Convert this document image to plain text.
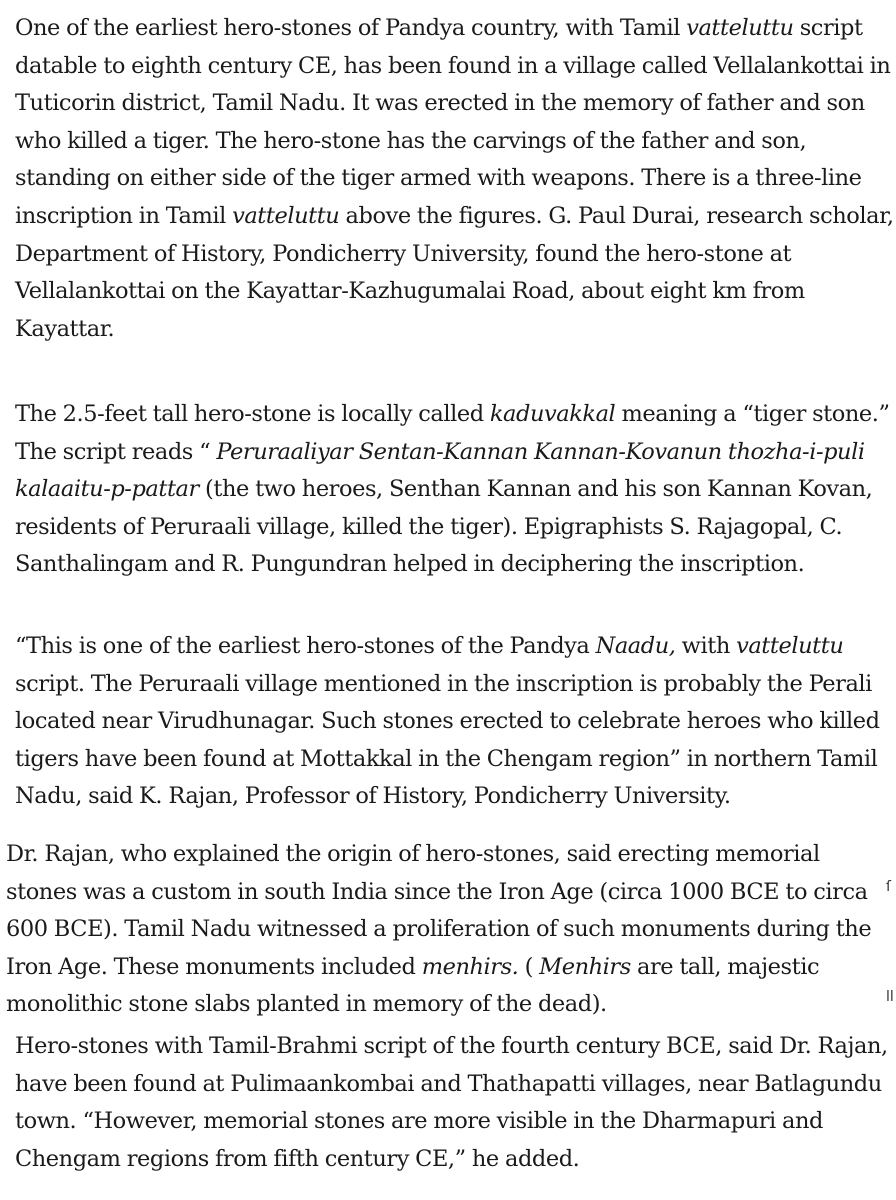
One of the earliest hero-stones of Pandya country, with Tamil vatteluttu script
datable to eighth century CE, has been found in a village called Vellalankottai in
Tuticorin district, Tamil Nadu. It was erected in the memory of father and son
who killed a tiger. The hero-stone has the carvings of the father and son,
standing on either side of the tiger armed with weapons. There is a three-line
inscription in Tamil vatteluttu above the figures. G. Paul Durai, research scholar,
Department of History, Pondicherry University, found the hero-stone at
Vellalankottai on the Kayattar-Kazhugumalai Road, about eight km from
Kayattar.

The 2.5-feet tall hero-stone is locally called kaduvakkal meaning a “tiger stone.”
The script reads “ Peruraaliyar Sentan-Kannan Kannan-Kovanun thozha-i-puli
kalaaitu-p-pattar (the two heroes, Senthan Kannan and his son Kannan Kovan,
residents of Peruraali village, killed the tiger). Epigraphists S. Rajagopal, C.
Santhalingam and R. Pungundran helped in deciphering the inscription.

“This is one of the earliest hero-stones of the Pandya Naadu, with vatteluttu
script. The Peruraali village mentioned in the inscription is probably the Perali
located near Virudhunagar. Such stones erected to celebrate heroes who killed
tigers have been found at Mottakkal in the Chengam region” in northern Tamil
Nadu, said K. Rajan, Professor of History, Pondicherry University.

Dr. Rajan, who explained the origin of hero-stones, said erecting memorial
stones was a custom in south India since the Iron Age (circa 1000 BCE to circa
600 BCE). Tamil Nadu witnessed a proliferation of such monuments during the
Iron Age. These monuments included menhirs. ( Menhirs are tall, majestic
monolithic stone slabs planted in memory of the dead).

Hero-stones with Tamil-Brahmi script of the fourth century BCE, said Dr. Rajan,
have been found at Pulimaankombai and Thathapatti villages, near Batlagundu
town. “However, memorial stones are more visible in the Dharmapuri and
Chengam regions from fifth century CE,” he added.

ſ
ll
